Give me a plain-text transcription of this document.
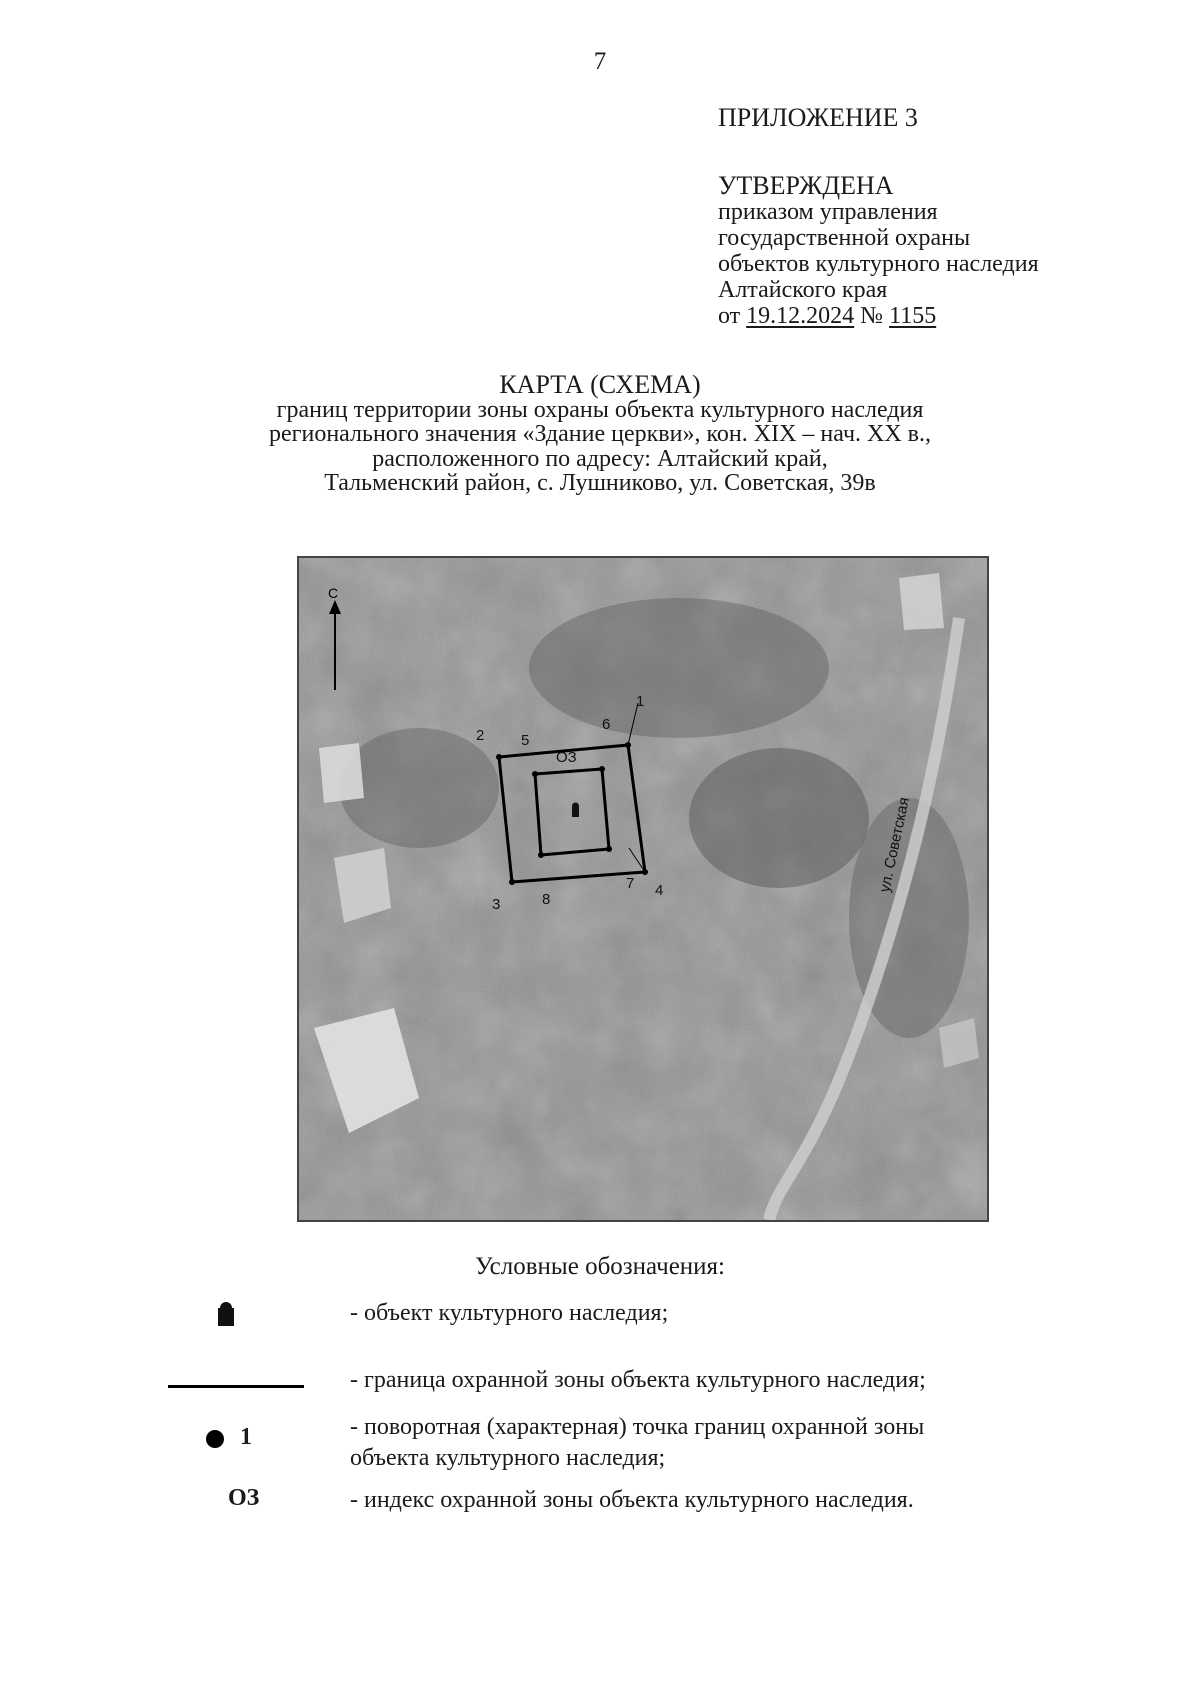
7
ПРИЛОЖЕНИЕ 3
УТВЕРЖДЕНА
приказом управления
государственной охраны
объектов культурного наследия
Алтайского края
от 19.12.2024 № 1155
КАРТА (СХЕМА)
границ территории зоны охраны объекта культурного наследия
регионального значения «Здание церкви», кон. XIX – нач. XX в.,
расположенного по адресу: Алтайский край,
Тальменский район, с. Лушниково, ул. Советская, 39в
ул. Советская
С
1
2
3
4
5
6
7
8
ОЗ
Условные обозначения:
- объект культурного наследия;
- граница охранной зоны объекта культурного наследия;
1	- поворотная (характерная) точка границ охранной зоны
объекта культурного наследия;
ОЗ	- индекс охранной зоны объекта культурного наследия.
